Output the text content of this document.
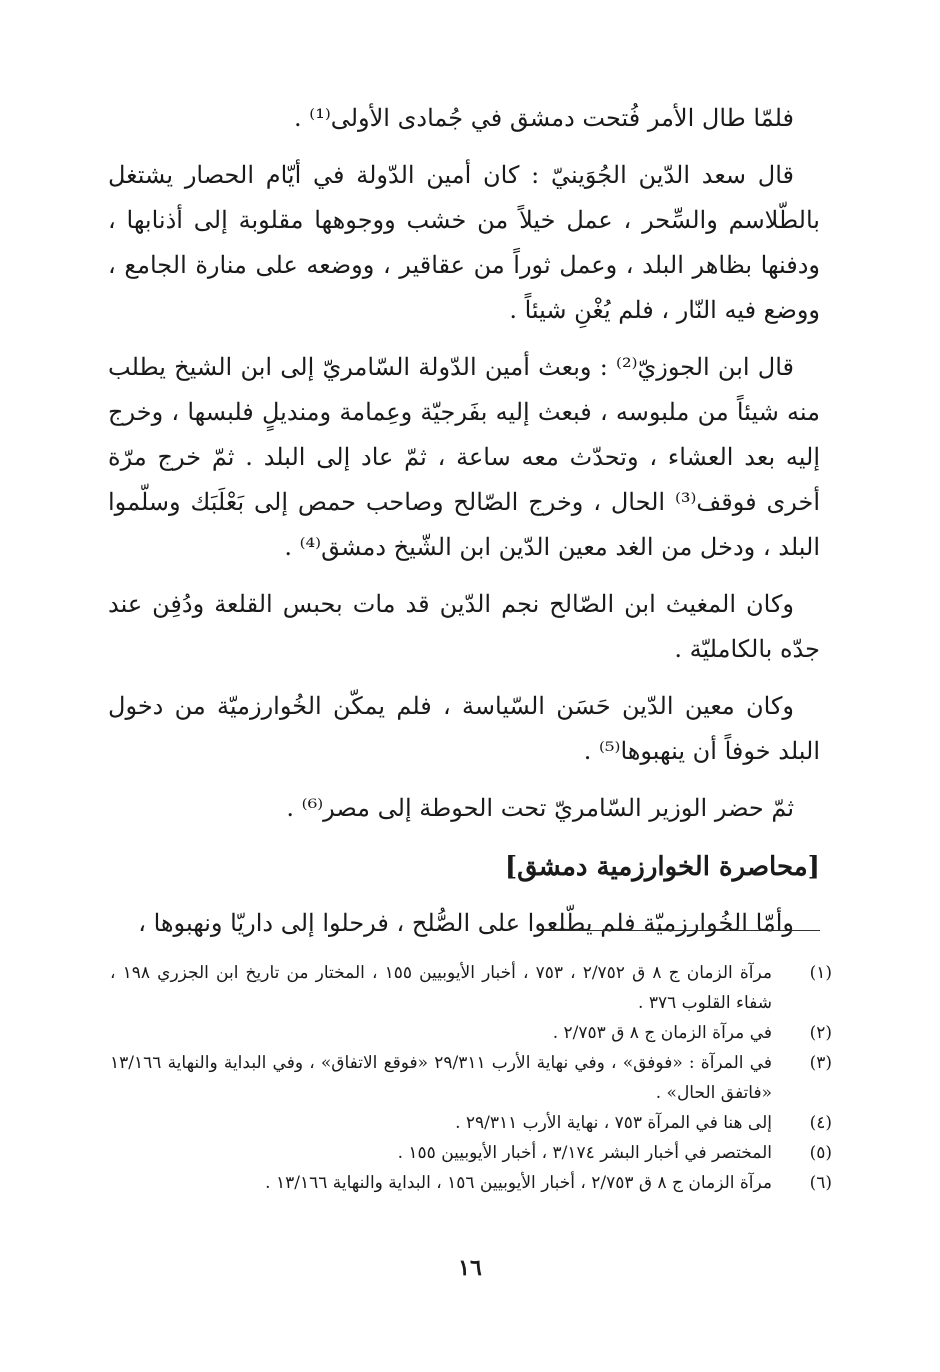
فلمّا طال الأمر فُتحت دمشق في جُمادى الأولى⁽¹⁾ .

قال سعد الدّين الجُوَينيّ : كان أمين الدّولة في أيّام الحصار يشتغل بالطّلاسم والسِّحر ، عمل خيلاً من خشب ووجوهها مقلوبة إلى أذنابها ، ودفنها بظاهر البلد ، وعمل ثوراً من عقاقير ، ووضعه على منارة الجامع ، ووضع فيه النّار ، فلم يُغْنِ شيئاً .

قال ابن الجوزيّ⁽²⁾ : وبعث أمين الدّولة السّامريّ إلى ابن الشيخ يطلب منه شيئاً من ملبوسه ، فبعث إليه بفَرجيّة وعِمامة ومنديلٍ فلبسها ، وخرج إليه بعد العشاء ، وتحدّث معه ساعة ، ثمّ عاد إلى البلد . ثمّ خرج مرّة أخرى فوقف⁽³⁾ الحال ، وخرج الصّالح وصاحب حمص إلى بَعْلَبَك وسلّموا البلد ، ودخل من الغد معين الدّين ابن الشّيخ دمشق⁽⁴⁾ .

وكان المغيث ابن الصّالح نجم الدّين قد مات بحبس القلعة ودُفِن عند جدّه بالكامليّة .

وكان معين الدّين حَسَن السّياسة ، فلم يمكّن الخُوارزميّة من دخول البلد خوفاً أن ينهبوها⁽⁵⁾ .

ثمّ حضر الوزير السّامريّ تحت الحوطة إلى مصر⁽⁶⁾ .

[محاصرة الخوارزمية دمشق]

وأمّا الخُوارزميّة فلم يطّلعوا على الصُّلح ، فرحلوا إلى داريّا ونهبوها ،

(١)
مرآة الزمان ج ٨ ق ٢/٧٥٢ ، ٧٥٣ ، أخبار الأيوبيين ١٥٥ ، المختار من تاريخ ابن الجزري ١٩٨ ، شفاء القلوب ٣٧٦ .
(٢)
في مرآة الزمان ج ٨ ق ٢/٧٥٣ .
(٣)
في المرآة : «فوفق» ، وفي نهاية الأرب ٢٩/٣١١ «فوقع الاتفاق» ، وفي البداية والنهاية ١٣/١٦٦ «فاتفق الحال» .
(٤)
إلى هنا في المرآة ٧٥٣ ، نهاية الأرب ٢٩/٣١١ .
(٥)
المختصر في أخبار البشر ٣/١٧٤ ، أخبار الأيوبيين ١٥٥ .
(٦)
مرآة الزمان ج ٨ ق ٢/٧٥٣ ، أخبار الأيوبيين ١٥٦ ، البداية والنهاية ١٣/١٦٦ .
١٦
